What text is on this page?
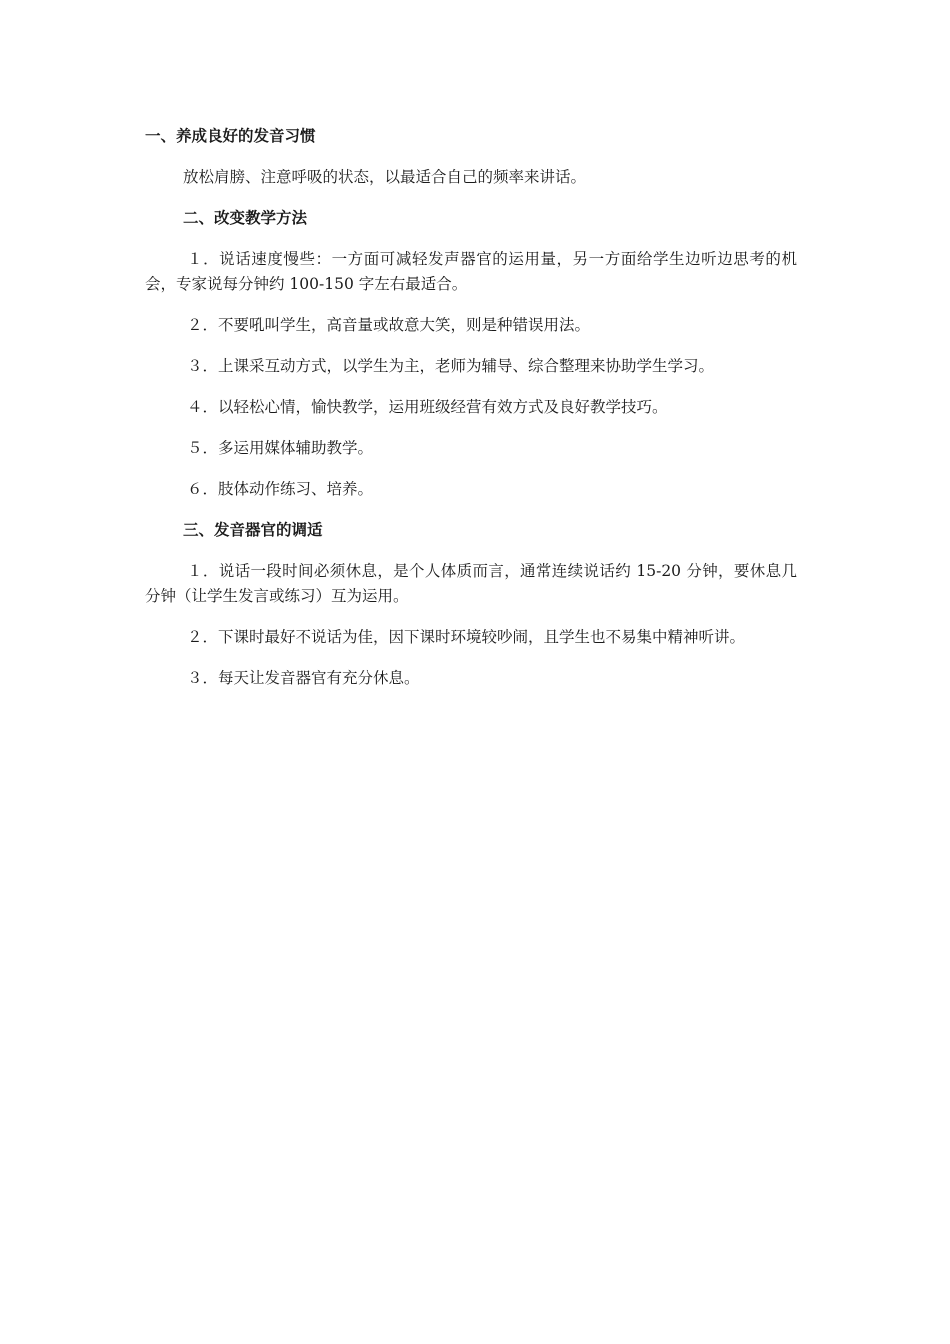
一、养成良好的发音习惯

放松肩膀、注意呼吸的状态，以最适合自己的频率来讲话。

二、改变教学方法

１．说话速度慢些：一方面可减轻发声器官的运用量，另一方面给学生边听边思考的机会，专家说每分钟约 100-150 字左右最适合。

２．不要吼叫学生，高音量或故意大笑，则是种错误用法。

３．上课采互动方式，以学生为主，老师为辅导、综合整理来协助学生学习。

４．以轻松心情，愉快教学，运用班级经营有效方式及良好教学技巧。

５．多运用媒体辅助教学。

６．肢体动作练习、培养。

三、发音器官的调适

１．说话一段时间必须休息，是个人体质而言，通常连续说话约 15-20 分钟，要休息几分钟（让学生发言或练习）互为运用。

２．下课时最好不说话为佳，因下课时环境较吵闹，且学生也不易集中精神听讲。

３．每天让发音器官有充分休息。
